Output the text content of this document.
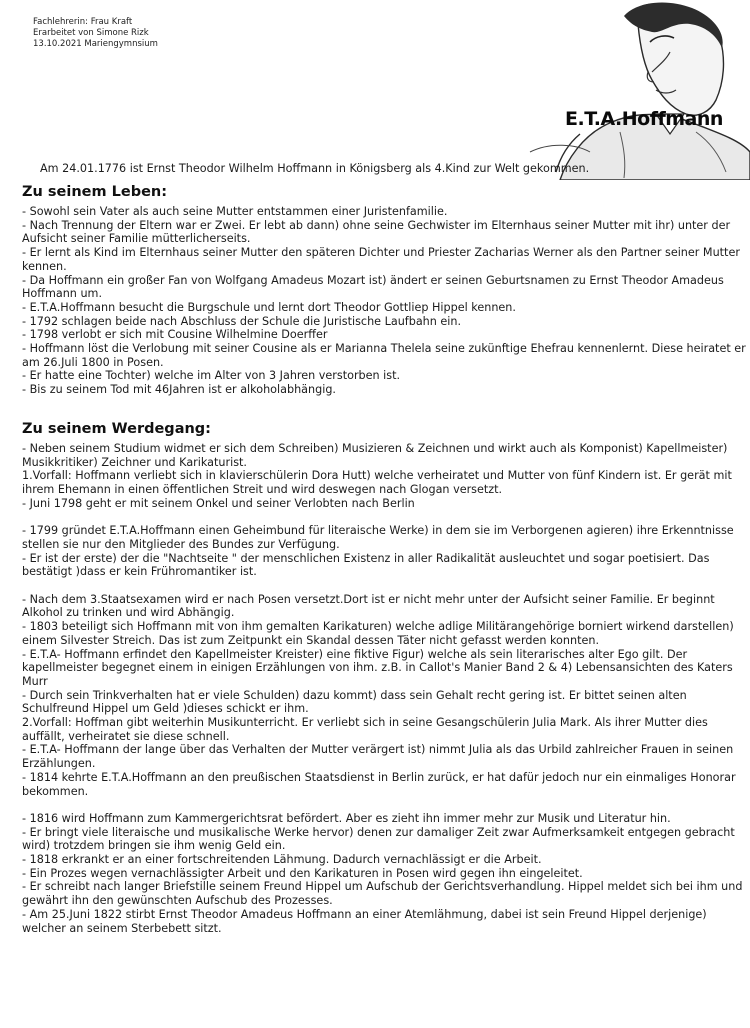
Fachlehrerin: Frau Kraft
Erarbeitet von Simone Rizk
13.10.2021 Mariengymnsium
E.T.A.Hoffmann
Am 24.01.1776 ist Ernst Theodor Wilhelm Hoffmann in Königsberg als 4.Kind zur Welt gekommen.
Zu seinem Leben:
- Sowohl sein Vater als auch seine Mutter entstammen einer Juristenfamilie.
- Nach Trennung der Eltern war er Zwei. Er lebt ab dann) ohne seine Gechwister im Elternhaus seiner Mutter mit ihr) unter der Aufsicht seiner Familie mütterlicherseits.
- Er lernt als Kind im Elternhaus seiner Mutter den späteren Dichter und Priester Zacharias Werner als den Partner seiner Mutter kennen.
- Da Hoffmann ein großer Fan von Wolfgang Amadeus Mozart ist) ändert er seinen Geburtsnamen zu Ernst Theodor Amadeus Hoffmann um.
- E.T.A.Hoffmann besucht die Burgschule und lernt dort Theodor Gottliep Hippel kennen.
- 1792 schlagen beide nach Abschluss der Schule die Juristische Laufbahn ein.
- 1798 verlobt er sich mit Cousine Wilhelmine Doerffer
- Hoffmann löst die Verlobung mit seiner Cousine als er Marianna Thelela seine zukünftige Ehefrau kennenlernt. Diese heiratet er am 26.Juli 1800 in Posen.
- Er hatte eine Tochter) welche im Alter von 3 Jahren verstorben ist.
- Bis zu seinem Tod mit 46Jahren ist er alkoholabhängig.
Zu seinem Werdegang:
- Neben seinem Studium widmet er sich dem Schreiben) Musizieren & Zeichnen und wirkt auch als Komponist) Kapellmeister) Musikkritiker) Zeichner und Karikaturist.
1.Vorfall: Hoffmann verliebt sich in klavierschülerin Dora Hutt) welche verheiratet und Mutter von fünf Kindern ist. Er gerät mit ihrem Ehemann in einen öffentlichen Streit und wird deswegen nach Glogan versetzt.
- Juni 1798 geht er mit seinem Onkel und seiner Verlobten nach Berlin
- 1799 gründet E.T.A.Hoffmann einen Geheimbund für literaische Werke) in dem sie im Verborgenen agieren) ihre Erkenntnisse stellen sie nur den Mitglieder des Bundes zur Verfügung.
- Er ist der erste) der die "Nachtseite " der menschlichen Existenz in aller Radikalität ausleuchtet und sogar poetisiert. Das bestätigt )dass er kein Frühromantiker ist.
- Nach dem 3.Staatsexamen wird er nach Posen versetzt.Dort ist er nicht mehr unter der Aufsicht seiner Familie. Er beginnt Alkohol zu trinken und wird Abhängig.
- 1803 beteiligt sich Hoffmann mit von ihm gemalten Karikaturen) welche adlige Militärangehörige borniert wirkend darstellen) einem Silvester Streich. Das ist zum Zeitpunkt ein Skandal dessen Täter nicht gefasst werden konnten.
- E.T.A- Hoffmann erfindet den Kapellmeister Kreister) eine fiktive Figur) welche als sein literarisches alter Ego gilt. Der kapellmeister begegnet einem in einigen Erzählungen von ihm. z.B. in Callot's Manier Band 2 & 4) Lebensansichten des Katers Murr
- Durch sein Trinkverhalten hat er viele Schulden) dazu kommt) dass sein Gehalt recht gering ist. Er bittet seinen alten Schulfreund Hippel um Geld )dieses schickt er ihm.
2.Vorfall: Hoffman gibt weiterhin Musikunterricht. Er verliebt sich in seine Gesangschülerin Julia Mark. Als ihrer Mutter dies auffällt, verheiratet sie diese schnell.
- E.T.A- Hoffmann der lange über das Verhalten der Mutter verärgert ist) nimmt Julia als das Urbild zahlreicher Frauen in seinen Erzählungen.
- 1814 kehrte E.T.A.Hoffmann an den preußischen Staatsdienst in Berlin zurück, er hat dafür jedoch nur ein einmaliges Honorar bekommen.
- 1816 wird Hoffmann zum Kammergerichtsrat befördert. Aber es zieht ihn immer mehr zur Musik und Literatur hin.
- Er bringt viele literaische und musikalische Werke hervor) denen zur damaliger Zeit zwar Aufmerksamkeit entgegen gebracht wird) trotzdem bringen sie ihm wenig Geld ein.
- 1818 erkrankt er an einer fortschreitenden Lähmung. Dadurch vernachlässigt er die Arbeit.
- Ein Prozes wegen vernachlässigter Arbeit und den Karikaturen in Posen wird gegen ihn eingeleitet.
- Er schreibt nach langer Briefstille seinem Freund Hippel um Aufschub der Gerichtsverhandlung. Hippel meldet sich bei ihm und gewährt ihn den gewünschten Aufschub des Prozesses.
- Am 25.Juni 1822 stirbt Ernst Theodor Amadeus Hoffmann an einer Atemlähmung, dabei ist sein Freund Hippel derjenige) welcher an seinem Sterbebett sitzt.
